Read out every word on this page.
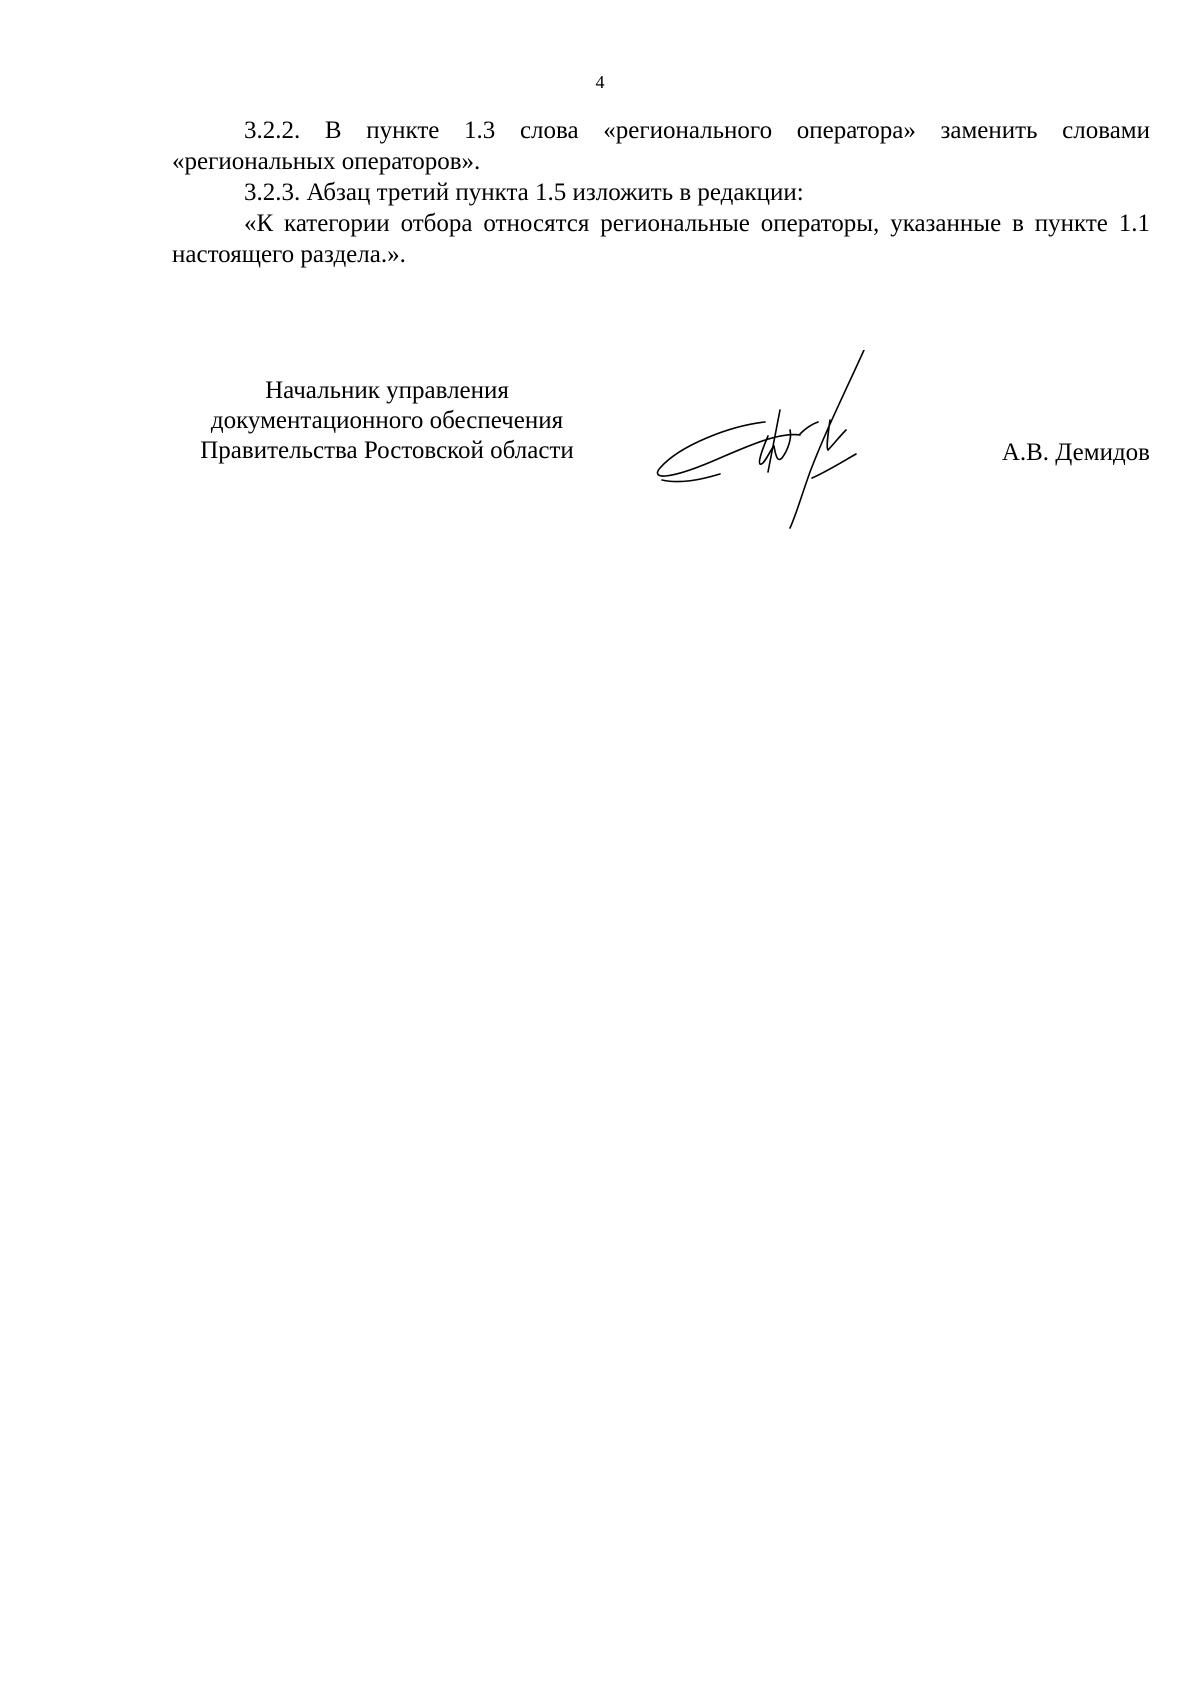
4

3.2.2. В пункте 1.3 слова «регионального оператора» заменить словами «региональных операторов».

3.2.3. Абзац третий пункта 1.5 изложить в редакции:

«К категории отбора относятся региональные операторы, указанные в пункте 1.1 настоящего раздела.».

Начальник управления
документационного обеспечения
Правительства Ростовской области	А.В. Демидов
